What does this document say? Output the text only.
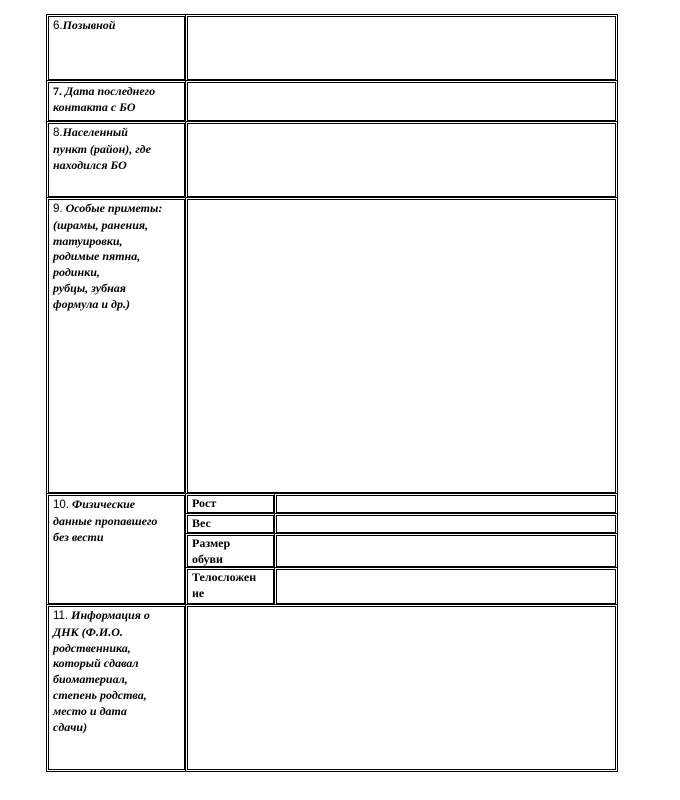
6.Позывной
7. Дата последнего
контакта с БО
8.Населенный
пункт (район), где
находился БО
9. Особые приметы:
(шрамы, ранения,
татуировки,
родимые пятна,
родинки,
рубцы, зубная
формула и др.)
10. Физические
данные пропавшего
без вести
Рост
Вес
Размер
обуви
Телосложен
ие
11. Информация о
ДНК (Ф.И.О.
родственника,
который сдавал
биоматериал,
степень родства,
место и дата
сдачи)
